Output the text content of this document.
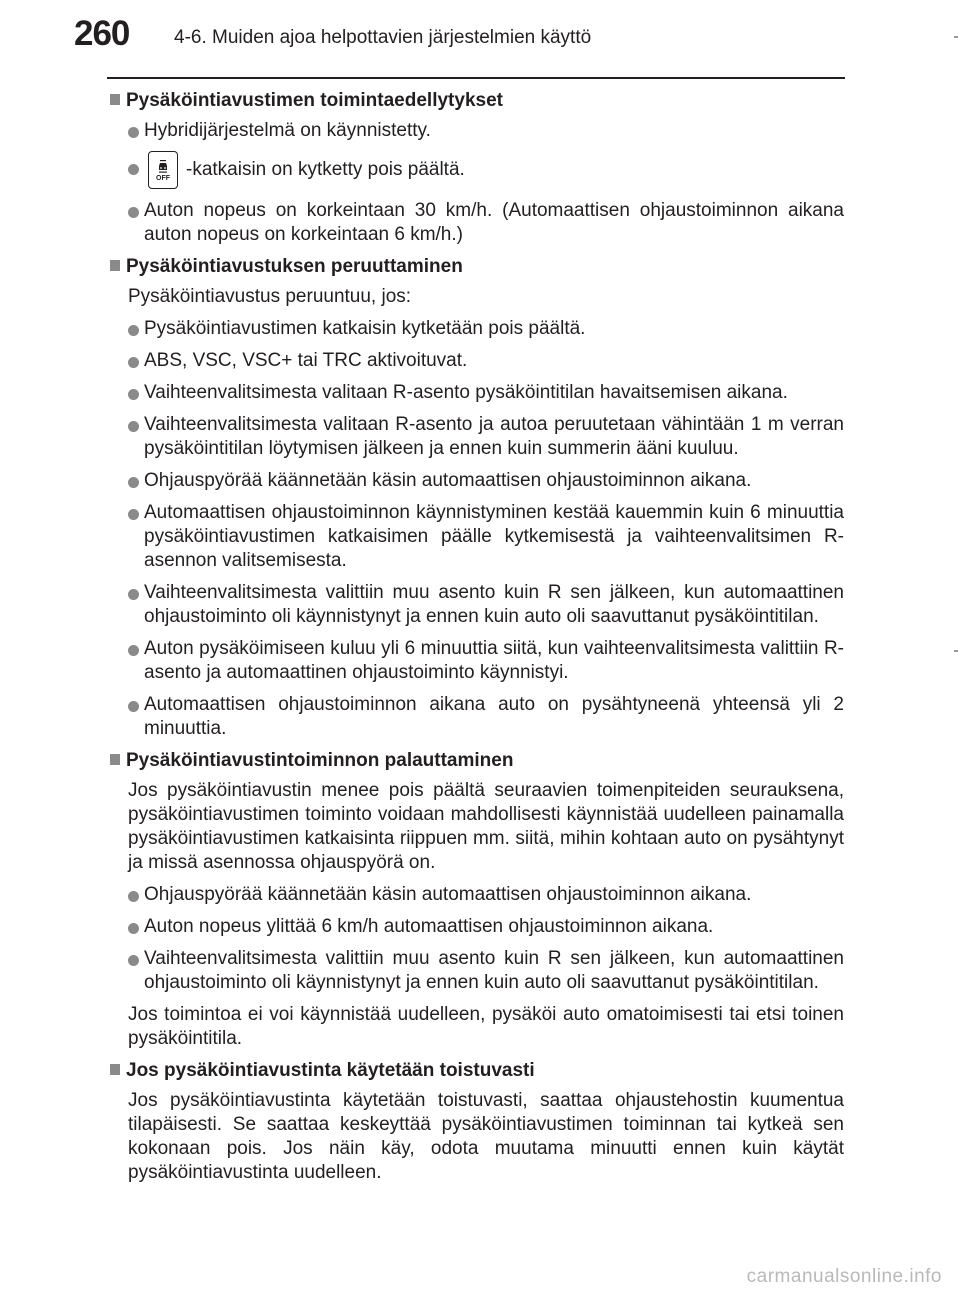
260 4-6. Muiden ajoa helpottavien järjestelmien käyttö
Pysäköintiavustimen toimintaedellytykset
Hybridijärjestelmä on käynnistetty.
OFF -katkaisin on kytketty pois päältä.
Auton nopeus on korkeintaan 30 km/h. (Automaattisen ohjaustoiminnon aikana auton nopeus on korkeintaan 6 km/h.)
Pysäköintiavustuksen peruuttaminen
Pysäköintiavustus peruuntuu, jos:
Pysäköintiavustimen katkaisin kytketään pois päältä.
ABS, VSC, VSC+ tai TRC aktivoituvat.
Vaihteenvalitsimesta valitaan R-asento pysäköintitilan havaitsemisen aikana.
Vaihteenvalitsimesta valitaan R-asento ja autoa peruutetaan vähintään 1 m verran pysäköintitilan löytymisen jälkeen ja ennen kuin summerin ääni kuuluu.
Ohjauspyörää käännetään käsin automaattisen ohjaustoiminnon aikana.
Automaattisen ohjaustoiminnon käynnistyminen kestää kauemmin kuin 6 minuuttia pysäköintiavustimen katkaisimen päälle kytkemisestä ja vaihteenvalitsimen R-asennon valitsemisesta.
Vaihteenvalitsimesta valittiin muu asento kuin R sen jälkeen, kun automaattinen ohjaustoiminto oli käynnistynyt ja ennen kuin auto oli saavuttanut pysäköintitilan.
Auton pysäköimiseen kuluu yli 6 minuuttia siitä, kun vaihteenvalitsimesta valittiin R-asento ja automaattinen ohjaustoiminto käynnistyi.
Automaattisen ohjaustoiminnon aikana auto on pysähtyneenä yhteensä yli 2 minuuttia.
Pysäköintiavustintoiminnon palauttaminen
Jos pysäköintiavustin menee pois päältä seuraavien toimenpiteiden seurauksena, pysäköintiavustimen toiminto voidaan mahdollisesti käynnistää uudelleen painamalla pysäköintiavustimen katkaisinta riippuen mm. siitä, mihin kohtaan auto on pysähtynyt ja missä asennossa ohjauspyörä on.
Ohjauspyörää käännetään käsin automaattisen ohjaustoiminnon aikana.
Auton nopeus ylittää 6 km/h automaattisen ohjaustoiminnon aikana.
Vaihteenvalitsimesta valittiin muu asento kuin R sen jälkeen, kun automaattinen ohjaustoiminto oli käynnistynyt ja ennen kuin auto oli saavuttanut pysäköintitilan.
Jos toimintoa ei voi käynnistää uudelleen, pysäköi auto omatoimisesti tai etsi toinen pysäköintitila.
Jos pysäköintiavustinta käytetään toistuvasti
Jos pysäköintiavustinta käytetään toistuvasti, saattaa ohjaustehostin kuumentua tilapäisesti. Se saattaa keskeyttää pysäköintiavustimen toiminnan tai kytkeä sen kokonaan pois. Jos näin käy, odota muutama minuutti ennen kuin käytät pysäköintiavustinta uudelleen.
carmanualsonline.info
